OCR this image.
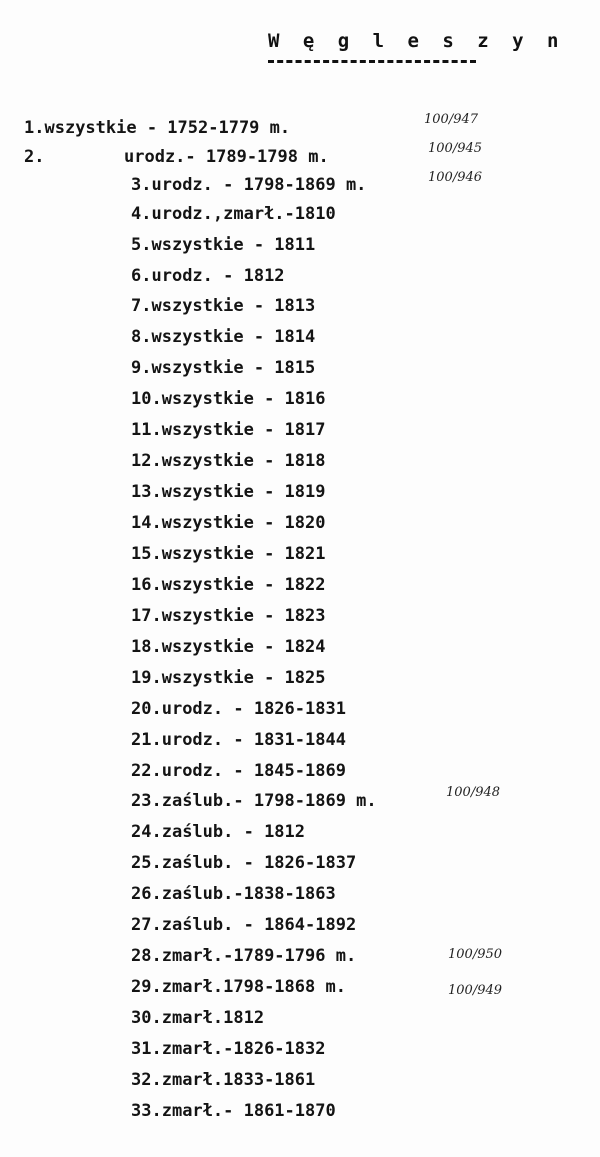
W ę g l e s z y n
1.wszystkie - 1752-1779 m.	100/947
2.	urodz.- 1789-1798 m.	100/945
3.urodz. - 1798-1869 m.	100/946
4.urodz.,zmarł.-1810
5.wszystkie - 1811
6.urodz. - 1812
7.wszystkie - 1813
8.wszystkie - 1814
9.wszystkie - 1815
10.wszystkie - 1816
11.wszystkie - 1817
12.wszystkie - 1818
13.wszystkie - 1819
14.wszystkie - 1820
15.wszystkie - 1821
16.wszystkie - 1822
17.wszystkie - 1823
18.wszystkie - 1824
19.wszystkie - 1825
20.urodz. - 1826-1831
21.urodz. - 1831-1844
22.urodz. - 1845-1869
23.zaślub.- 1798-1869 m.	100/948
24.zaślub. - 1812
25.zaślub. - 1826-1837
26.zaślub.-1838-1863
27.zaślub. - 1864-1892
28.zmarł.-1789-1796 m.	100/950
29.zmarł.1798-1868 m.	100/949
30.zmarł.1812
31.zmarł.-1826-1832
32.zmarł.1833-1861
33.zmarł.- 1861-1870
